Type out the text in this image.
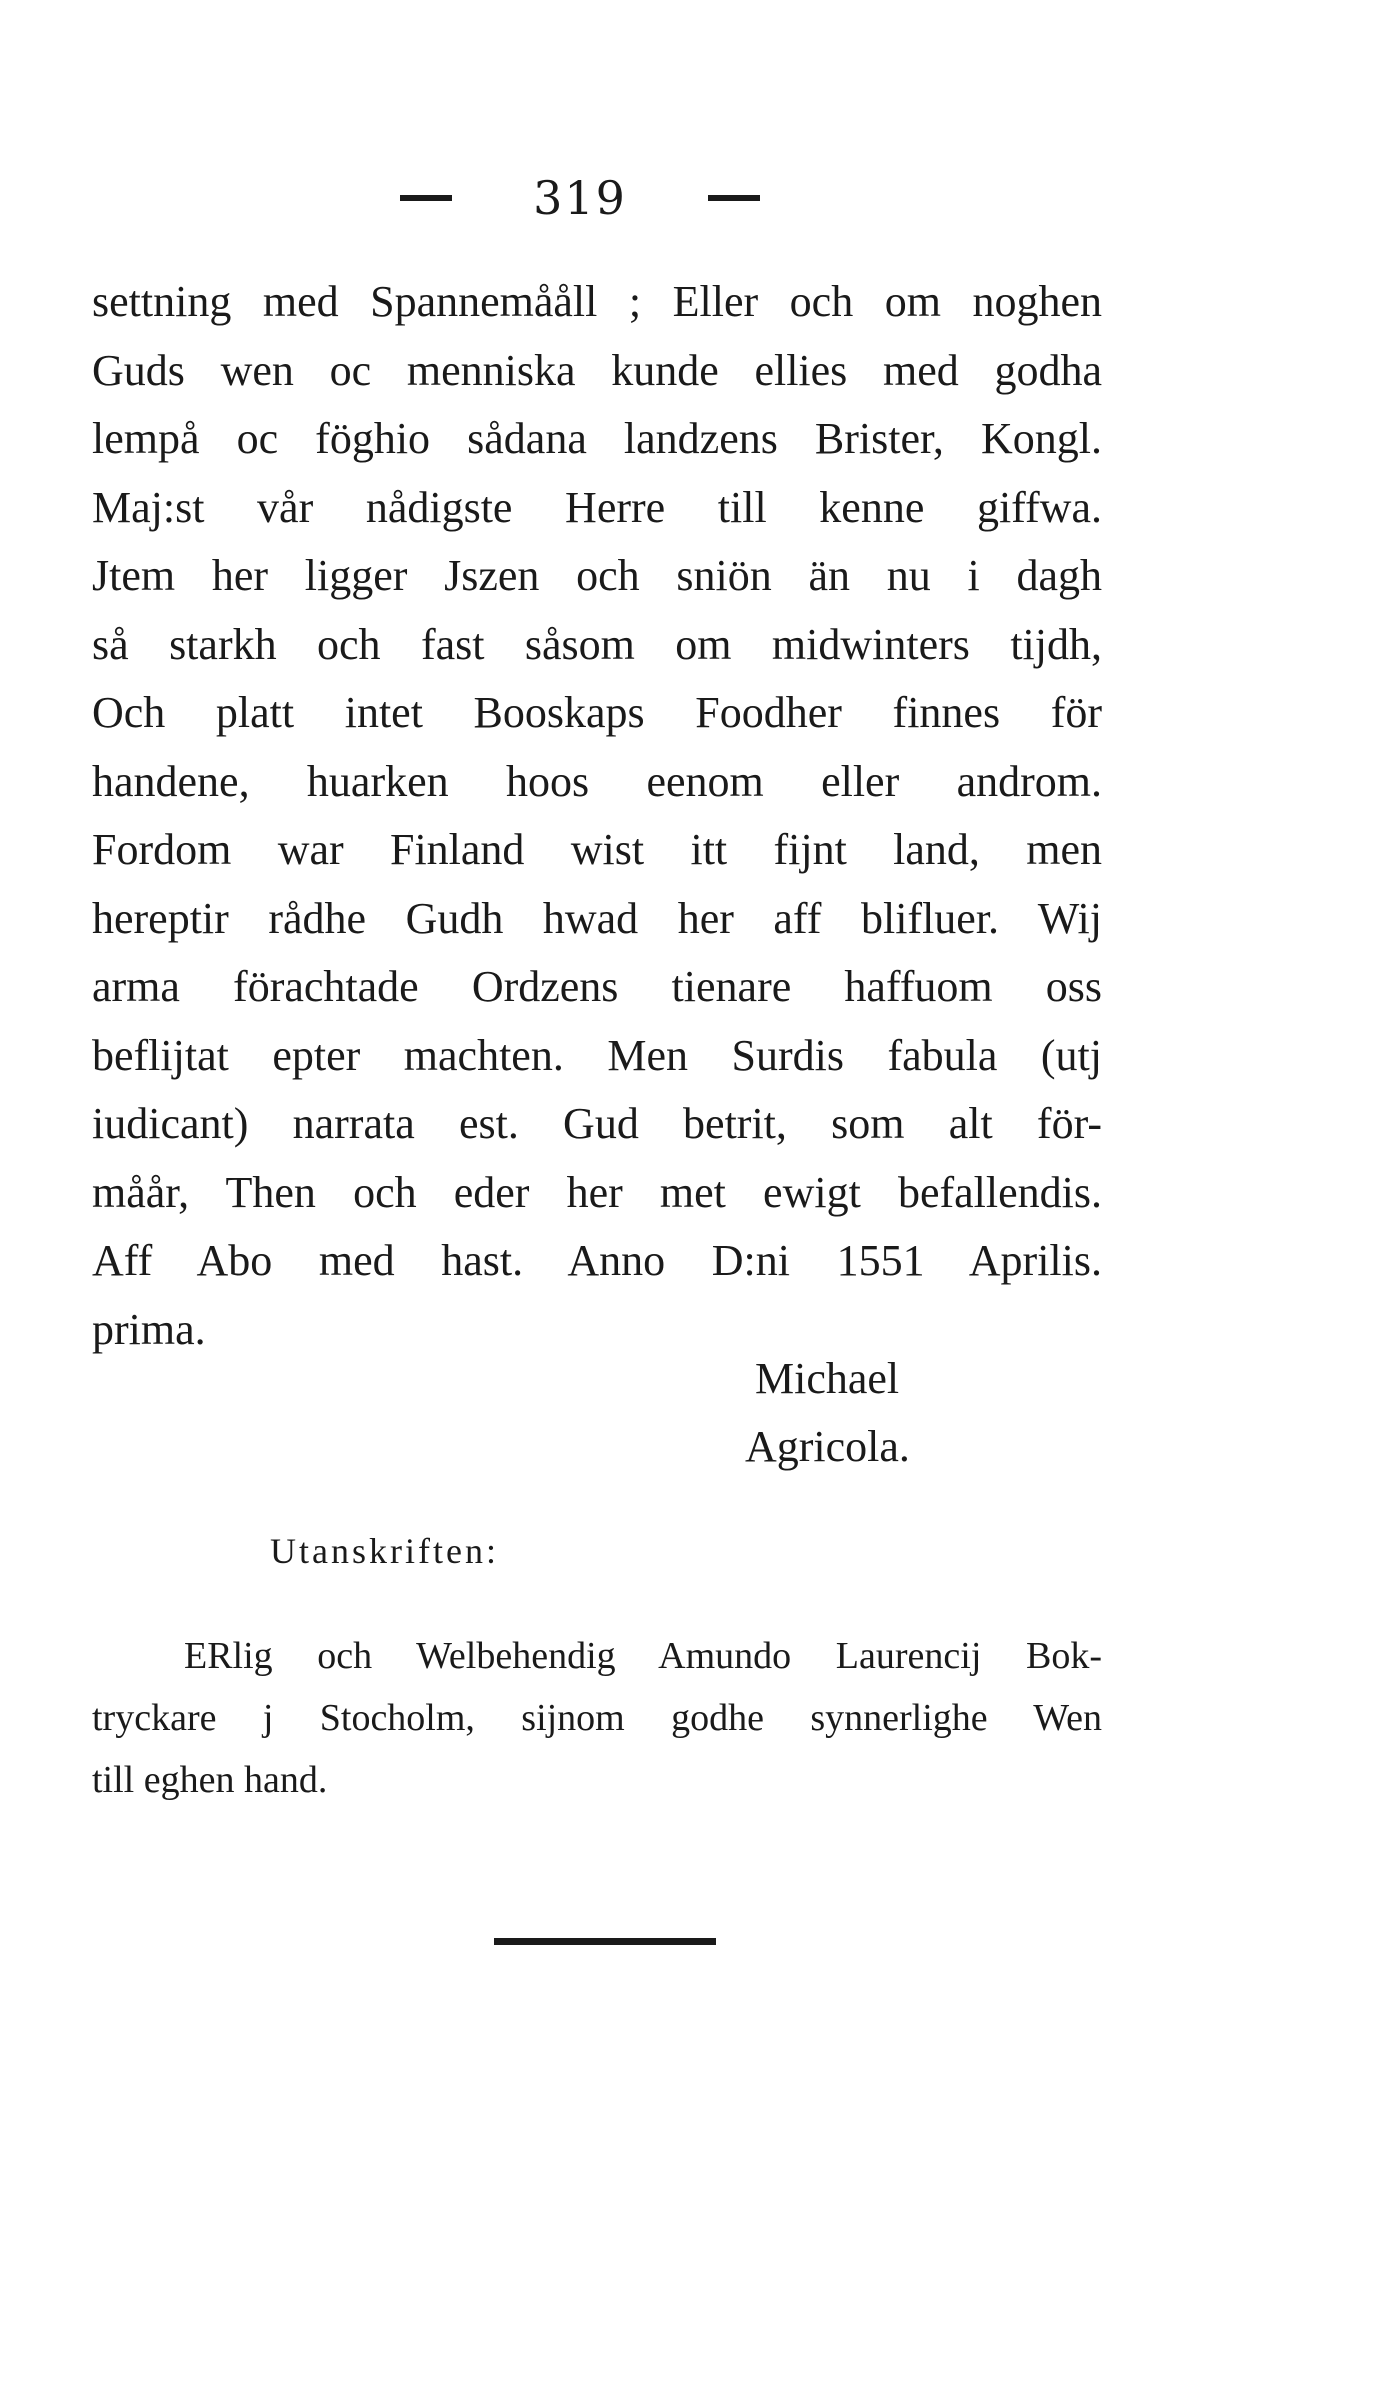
319
settning med Spannemååll ; Eller och om noghen
Guds wen oc menniska kunde ellies med godha
lempå oc föghio sådana landzens Brister, Kongl.
Maj:st vår nådigste Herre till kenne giffwa.
Jtem her ligger Jszen och sniön än nu i dagh
så starkh och fast såsom om midwinters tijdh,
Och platt intet Booskaps Foodher finnes för
handene, huarken hoos eenom eller androm.
Fordom war Finland wist itt fijnt land, men
hereptir rådhe Gudh hwad her aff blifluer. Wij
arma förachtade Ordzens tienare haffuom oss
beflijtat epter machten. Men Surdis fabula (utj
iudicant) narrata est. Gud betrit, som alt för-
måår, Then och eder her met ewigt befallendis.
Aff Abo med hast. Anno D:ni 1551 Aprilis.
prima.
Michael
Agricola.
Utanskriften:
ERlig och Welbehendig Amundo Laurencij Bok-
tryckare j Stocholm, sijnom godhe synnerlighe Wen
till eghen hand.
